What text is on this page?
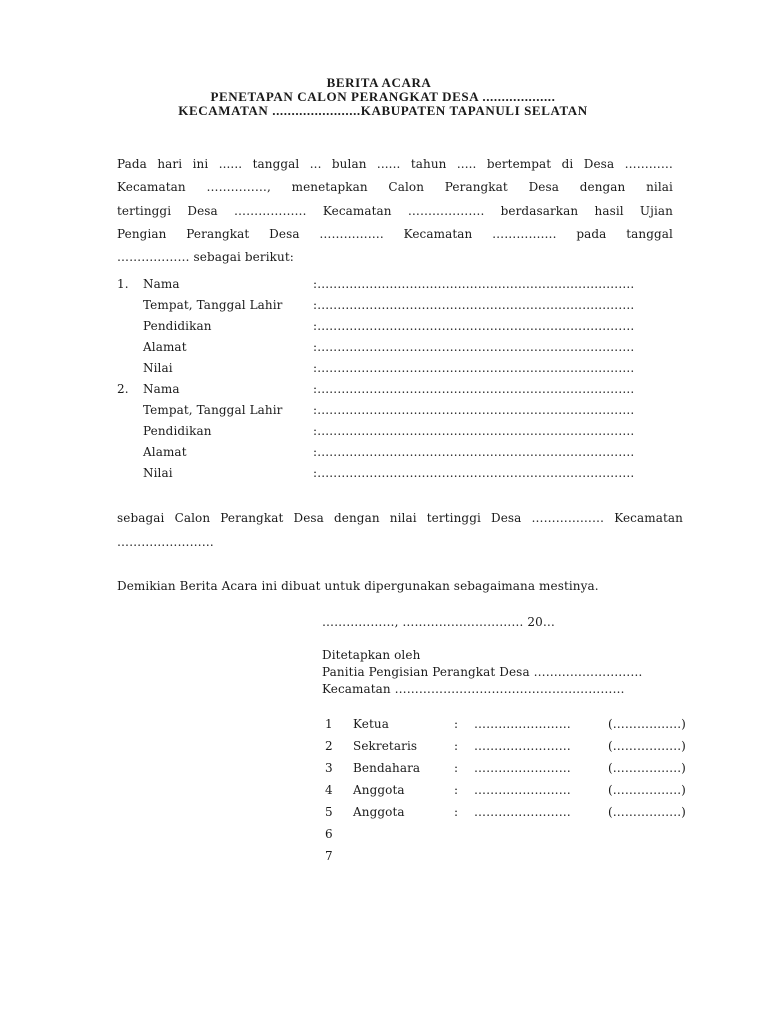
BERITA ACARA
PENETAPAN CALON PERANGKAT DESA ...................
KECAMATAN .......................KABUPATEN TAPANULI SELATAN
Pada hari ini ...... tanggal ... bulan ...... tahun ..... bertempat di Desa …………
Kecamatan ……………, menetapkan Calon Perangkat Desa dengan nilai
tertinggi Desa ……………… Kecamatan ………………. berdasarkan hasil Ujian
Pengian Perangkat Desa ……………. Kecamatan ……………. pada tanggal
……………… sebagai berikut:
1.	Nama	:...............................................................................
Tempat, Tanggal Lahir	:...............................................................................
Pendidikan	:...............................................................................
Alamat	:...............................................................................
Nilai	:...............................................................................
2.	Nama	:...............................................................................
Tempat, Tanggal Lahir	:...............................................................................
Pendidikan	:...............................................................................
Alamat	:...............................................................................
Nilai	:...............................................................................
sebagai Calon Perangkat Desa dengan nilai tertinggi Desa ……………… Kecamatan
……………………
Demikian Berita Acara ini dibuat untuk dipergunakan sebagaimana mestinya.
………………, ………………………… 20…
Ditetapkan oleh
Panitia Pengisian Perangkat Desa ………………………
Kecamatan …………………………………………………
1 Ketua	: ……………………	(……………..)
2 Sekretaris	: ……………………	(……………..)
3 Bendahara	: ……………………	(……………..)
4 Anggota	: ……………………	(……………..)
5 Anggota	: ……………………	(……………..)
6
7
